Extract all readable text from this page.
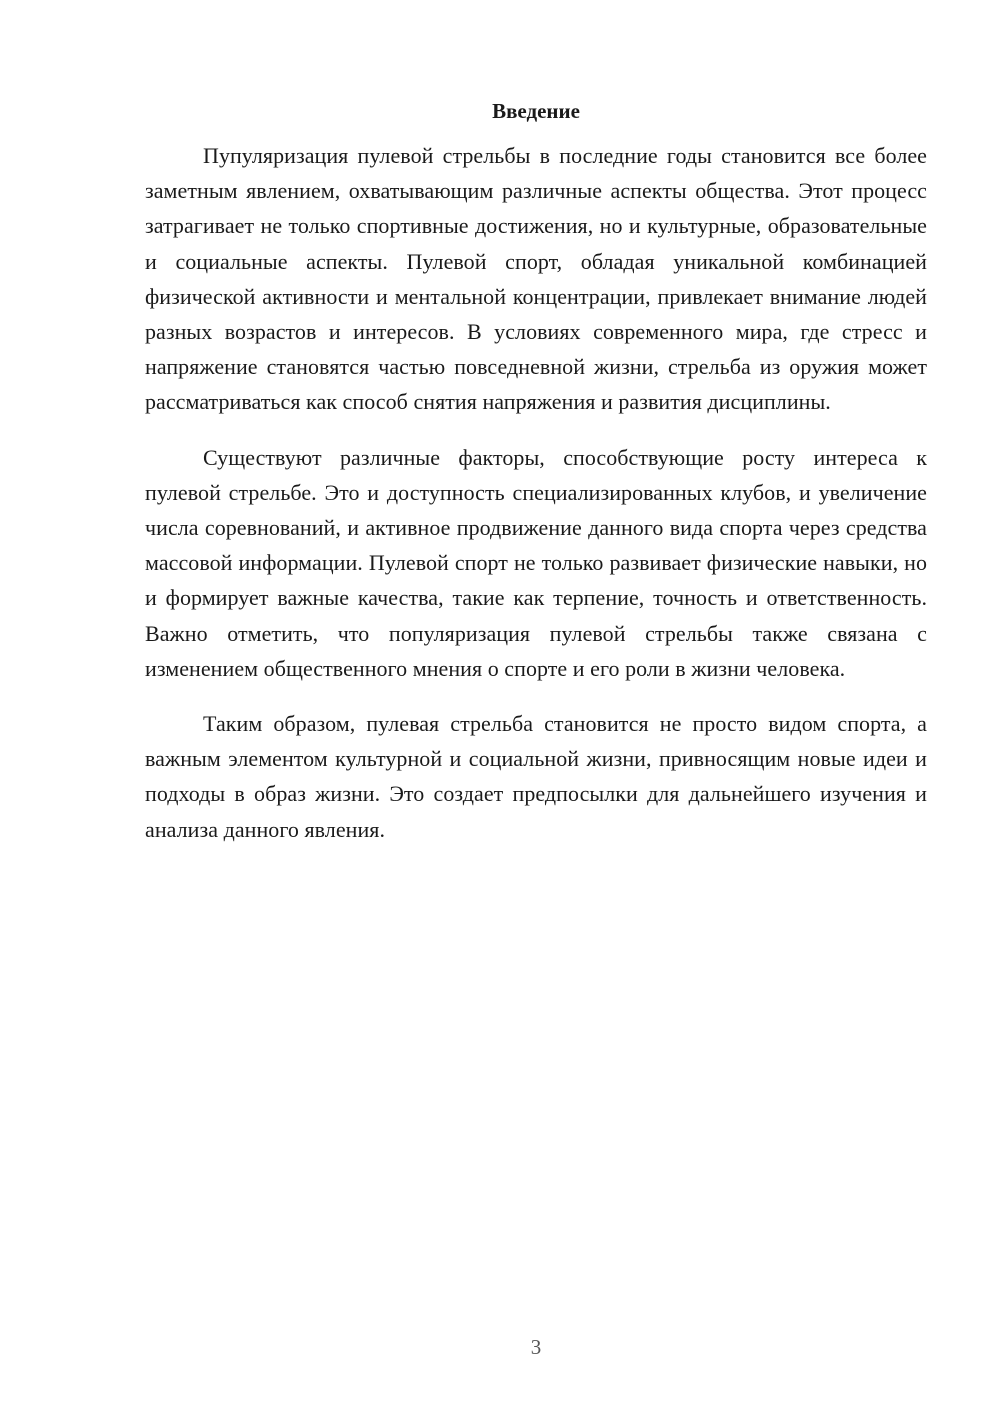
Введение

Пупуляризация пулевой стрельбы в последние годы становится все более заметным явлением, охватывающим различные аспекты общества. Этот процесс затрагивает не только спортивные достижения, но и культурные, образовательные и социальные аспекты. Пулевой спорт, обладая уникальной комбинацией физической активности и ментальной концентрации, привлекает внимание людей разных возрастов и интересов. В условиях современного мира, где стресс и напряжение становятся частью повседневной жизни, стрельба из оружия может рассматриваться как способ снятия напряжения и развития дисциплины.

Существуют различные факторы, способствующие росту интереса к пулевой стрельбе. Это и доступность специализированных клубов, и увеличение числа соревнований, и активное продвижение данного вида спорта через средства массовой информации. Пулевой спорт не только развивает физические навыки, но и формирует важные качества, такие как терпение, точность и ответственность. Важно отметить, что популяризация пулевой стрельбы также связана с изменением общественного мнения о спорте и его роли в жизни человека.

Таким образом, пулевая стрельба становится не просто видом спорта, а важным элементом культурной и социальной жизни, привносящим новые идеи и подходы в образ жизни. Это создает предпосылки для дальнейшего изучения и анализа данного явления.

3
